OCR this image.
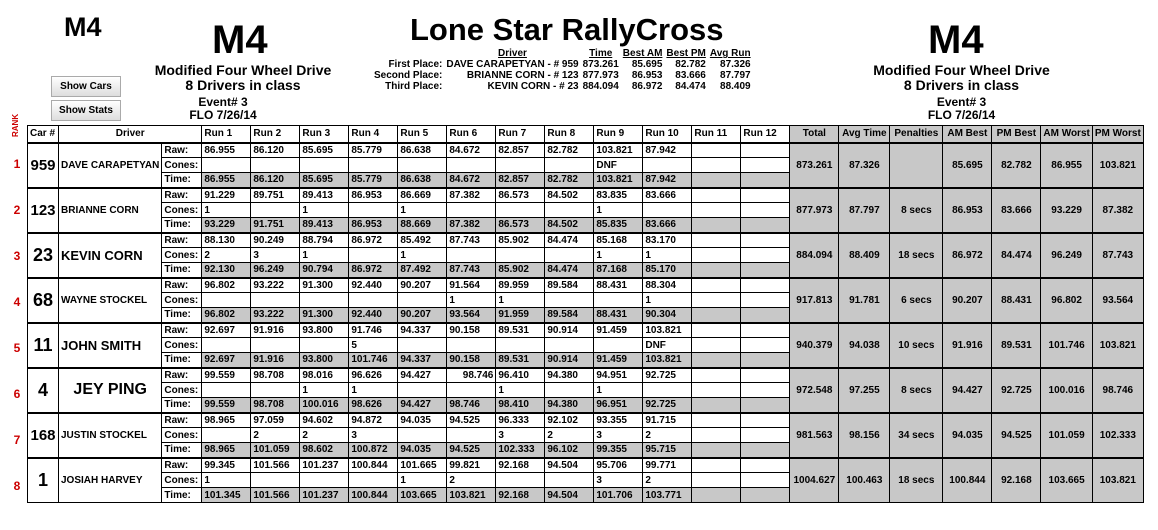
M4	M4
Modified Four Wheel Drive
8 Drivers in class
Event# 3
FLO 7/26/14
Lone Star RallyCross	M4
Modified Four Wheel Drive
8 Drivers in class
Event# 3
FLO 7/26/14
Show Cars
Show Stats
	Driver	Time	Best AM	Best PM	Avg Run
First Place:	DAVE CARAPETYAN - # 959	873.261	85.695	82.782	87.326
Second Place:	BRIANNE CORN - # 123	877.973	86.953	83.666	87.797
Third Place:	KEVIN CORN - # 23	884.094	86.972	84.474	88.409
RANK	Car #	Driver		Run 1	Run 2	Run 3	Run 4	Run 5	Run 6	Run 7	Run 8	Run 9	Run 10	Run 11	Run 12	Total	Avg Time	Penalties	AM Best	PM Best	AM Worst	PM Worst
959	DAVE CARAPETYAN	Raw:	86.955	86.120	85.695	85.779	86.638	84.672	82.857	82.782	103.821	87.942			873.261	87.326		85.695	82.782	86.955	103.821
		Cones:									DNF										
		Time:	86.955	86.120	85.695	85.779	86.638	84.672	82.857	82.782	103.821	87.942									
123	BRIANNE CORN	Raw:	91.229	89.751	89.413	86.953	86.669	87.382	86.573	84.502	83.835	83.666			877.973	87.797	8 secs	86.953	83.666	93.229	87.382
		Cones:	1		1		1				1										
		Time:	93.229	91.751	89.413	86.953	88.669	87.382	86.573	84.502	85.835	83.666									
23	KEVIN CORN	Raw:	88.130	90.249	88.794	86.972	85.492	87.743	85.902	84.474	85.168	83.170			884.094	88.409	18 secs	86.972	84.474	96.249	87.743
		Cones:	2	3	1		1				1	1									
		Time:	92.130	96.249	90.794	86.972	87.492	87.743	85.902	84.474	87.168	85.170									
68	WAYNE STOCKEL	Raw:	96.802	93.222	91.300	92.440	90.207	91.564	89.959	89.584	88.431	88.304			917.813	91.781	6 secs	90.207	88.431	96.802	93.564
		Cones:						1	1			1									
		Time:	96.802	93.222	91.300	92.440	90.207	93.564	91.959	89.584	88.431	90.304									
11	JOHN SMITH	Raw:	92.697	91.916	93.800	91.746	94.337	90.158	89.531	90.914	91.459	103.821			940.379	94.038	10 secs	91.916	89.531	101.746	103.821
		Cones:				5						DNF									
		Time:	92.697	91.916	93.800	101.746	94.337	90.158	89.531	90.914	91.459	103.821									
4	JEY PING	Raw:	99.559	98.708	98.016	96.626	94.427	98.746	96.410	94.380	94.951	92.725			972.548	97.255	8 secs	94.427	92.725	100.016	98.746
		Cones:			1	1			1		1										
		Time:	99.559	98.708	100.016	98.626	94.427	98.746	98.410	94.380	96.951	92.725									
168	JUSTIN STOCKEL	Raw:	98.965	97.059	94.602	94.872	94.035	94.525	96.333	92.102	93.355	91.715			981.563	98.156	34 secs	94.035	94.525	101.059	102.333
		Cones:		2	2	3			3	2	3	2									
		Time:	98.965	101.059	98.602	100.872	94.035	94.525	102.333	96.102	99.355	95.715									
1	JOSIAH HARVEY	Raw:	99.345	101.566	101.237	100.844	101.665	99.821	92.168	94.504	95.706	99.771			1004.627	100.463	18 secs	100.844	92.168	103.665	103.821
		Cones:	1				1	2			3	2									
		Time:	101.345	101.566	101.237	100.844	103.665	103.821	92.168	94.504	101.706	103.771									
1
2
3
4
5
6
7
8
